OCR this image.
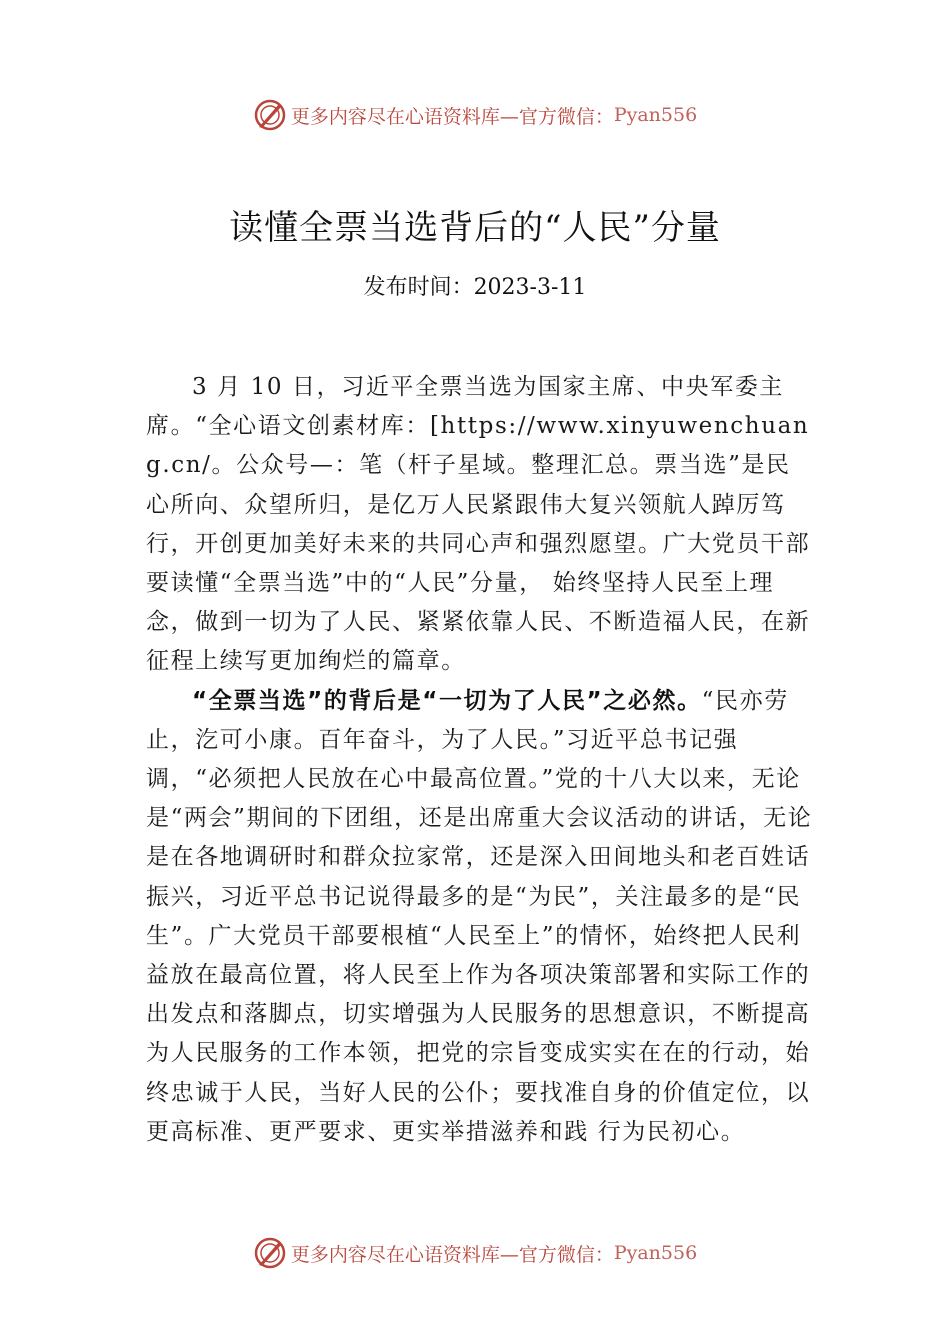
更多内容尽在心语资料库—官方微信： Pyan556
读懂全票当选背后的“人民”分量
发布时间：2023-3-11

3 月 10 日，习近平全票当选为国家主席、中央军委主席。“全心语文创素材库：[https://www.xinyuwenchuang.cn/。公众号—：笔（杆子星域。整理汇总。票当选”是民心所向、众望所归，是亿万人民紧跟伟大复兴领航人踔厉笃行，开创更加美好未来的共同心声和强烈愿望。广大党员干部要读懂“全票当选”中的“人民”分量， 始终坚持人民至上理念，做到一切为了人民、紧紧依靠人民、不断造福人民，在新征程上续写更加绚烂的篇章。

“全票当选”的背后是“一切为了人民”之必然。“民亦劳止，汔可小康。百年奋斗，为了人民。”习近平总书记强调，“必须把人民放在心中最高位置。”党的十八大以来，无论是“两会”期间的下团组，还是出席重大会议活动的讲话，无论是在各地调研时和群众拉家常，还是深入田间地头和老百姓话振兴，习近平总书记说得最多的是“为民”，关注最多的是“民生”。广大党员干部要根植“人民至上”的情怀，始终把人民利益放在最高位置，将人民至上作为各项决策部署和实际工作的出发点和落脚点，切实增强为人民服务的思想意识，不断提高为人民服务的工作本领，把党的宗旨变成实实在在的行动，始终忠诚于人民，当好人民的公仆；要找准自身的价值定位，以更高标准、更严要求、更实举措滋养和践 行为民初心。

更多内容尽在心语资料库—官方微信： Pyan556
